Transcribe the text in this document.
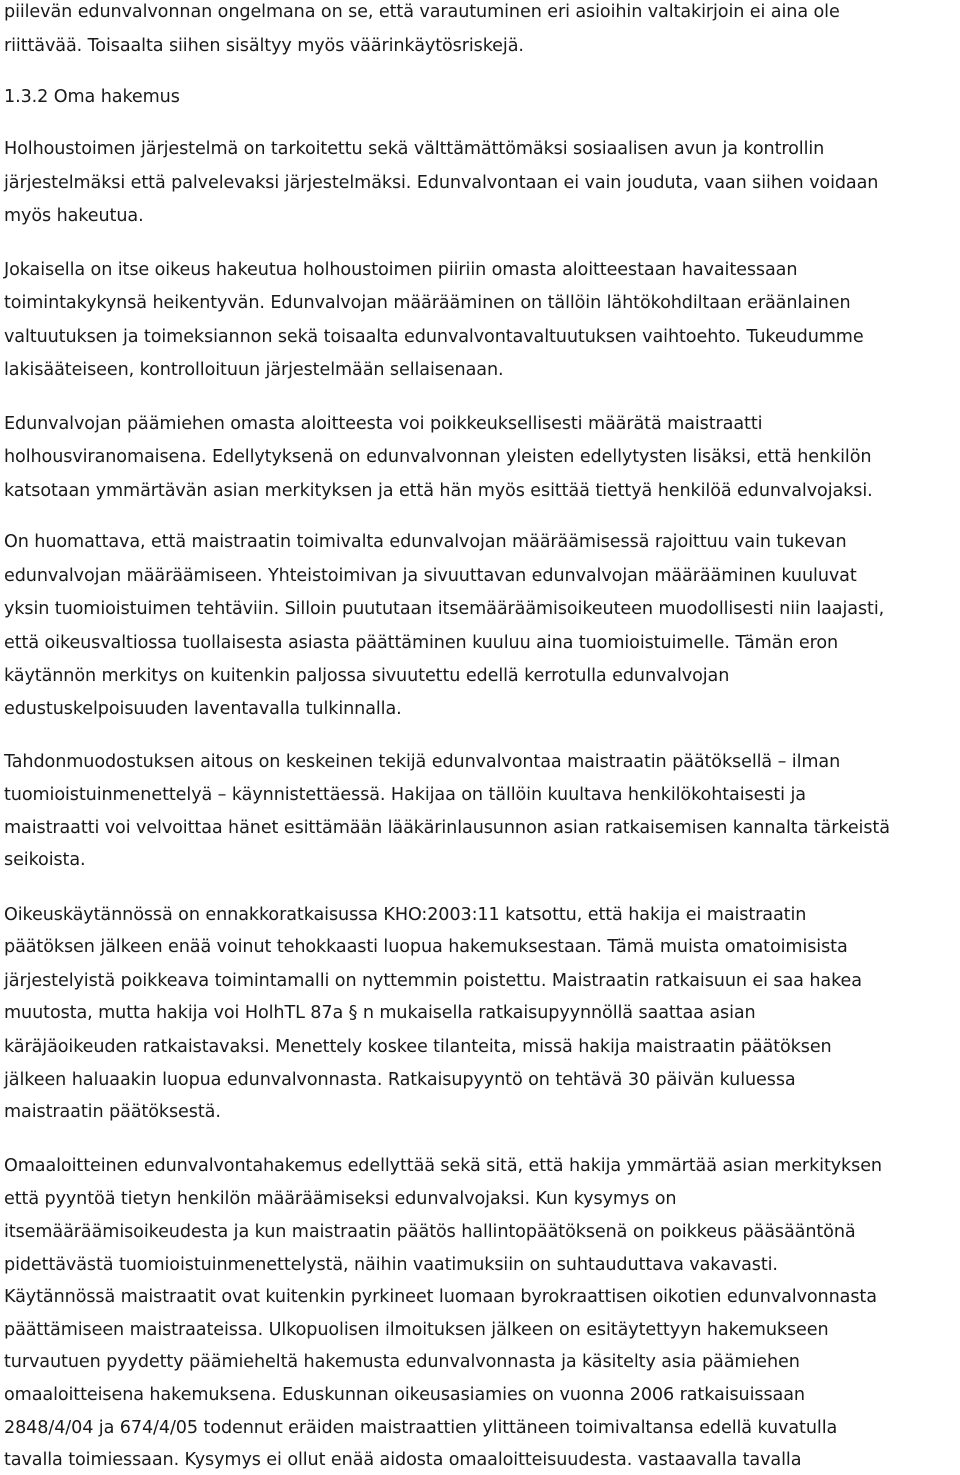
piilevän edunvalvonnan ongelmana on se, että varautuminen eri asioihin valtakirjoin ei aina ole
riittävää. Toisaalta siihen sisältyy myös väärinkäytösriskejä.
1.3.2 Oma hakemus
Holhoustoimen järjestelmä on tarkoitettu sekä välttämättömäksi sosiaalisen avun ja kontrollin
järjestelmäksi että palvelevaksi järjestelmäksi. Edunvalvontaan ei vain jouduta, vaan siihen voidaan
myös hakeutua.
Jokaisella on itse oikeus hakeutua holhoustoimen piiriin omasta aloitteestaan havaitessaan
toimintakykynsä heikentyvän. Edunvalvojan määrääminen on tällöin lähtökohdiltaan eräänlainen
valtuutuksen ja toimeksiannon sekä toisaalta edunvalvontavaltuutuksen vaihtoehto. Tukeudumme
lakisääteiseen, kontrolloituun järjestelmään sellaisenaan.
Edunvalvojan päämiehen omasta aloitteesta voi poikkeuksellisesti määrätä maistraatti
holhousviranomaisena. Edellytyksenä on edunvalvonnan yleisten edellytysten lisäksi, että henkilön
katsotaan ymmärtävän asian merkityksen ja että hän myös esittää tiettyä henkilöä edunvalvojaksi.
On huomattava, että maistraatin toimivalta edunvalvojan määräämisessä rajoittuu vain tukevan
edunvalvojan määräämiseen. Yhteistoimivan ja sivuuttavan edunvalvojan määrääminen kuuluvat
yksin tuomioistuimen tehtäviin. Silloin puututaan itsemääräämisoikeuteen muodollisesti niin laajasti,
että oikeusvaltiossa tuollaisesta asiasta päättäminen kuuluu aina tuomioistuimelle. Tämän eron
käytännön merkitys on kuitenkin paljossa sivuutettu edellä kerrotulla edunvalvojan
edustuskelpoisuuden laventavalla tulkinnalla.
Tahdonmuodostuksen aitous on keskeinen tekijä edunvalvontaa maistraatin päätöksellä – ilman
tuomioistuinmenettelyä – käynnistettäessä. Hakijaa on tällöin kuultava henkilökohtaisesti ja
maistraatti voi velvoittaa hänet esittämään lääkärinlausunnon asian ratkaisemisen kannalta tärkeistä
seikoista.
Oikeuskäytännössä on ennakkoratkaisussa KHO:2003:11 katsottu, että hakija ei maistraatin
päätöksen jälkeen enää voinut tehokkaasti luopua hakemuksestaan. Tämä muista omatoimisista
järjestelyistä poikkeava toimintamalli on nyttemmin poistettu. Maistraatin ratkaisuun ei saa hakea
muutosta, mutta hakija voi HolhTL 87a § n mukaisella ratkaisupyynnöllä saattaa asian
käräjäoikeuden ratkaistavaksi. Menettely koskee tilanteita, missä hakija maistraatin päätöksen
jälkeen haluaakin luopua edunvalvonnasta. Ratkaisupyyntö on tehtävä 30 päivän kuluessa
maistraatin päätöksestä.
Omaaloitteinen edunvalvontahakemus edellyttää sekä sitä, että hakija ymmärtää asian merkityksen
että pyyntöä tietyn henkilön määräämiseksi edunvalvojaksi. Kun kysymys on
itsemääräämisoikeudesta ja kun maistraatin päätös hallintopäätöksenä on poikkeus pääsääntönä
pidettävästä tuomioistuinmenettelystä, näihin vaatimuksiin on suhtauduttava vakavasti.
Käytännössä maistraatit ovat kuitenkin pyrkineet luomaan byrokraattisen oikotien edunvalvonnasta
päättämiseen maistraateissa. Ulkopuolisen ilmoituksen jälkeen on esitäytettyyn hakemukseen
turvautuen pyydetty päämieheltä hakemusta edunvalvonnasta ja käsitelty asia päämiehen
omaaloitteisena hakemuksena. Eduskunnan oikeusasiamies on vuonna 2006 ratkaisuissaan
2848/4/04 ja 674/4/05 todennut eräiden maistraattien ylittäneen toimivaltansa edellä kuvatulla
tavalla toimiessaan. Kysymys ei ollut enää aidosta omaaloitteisuudesta. vastaavalla tavalla
